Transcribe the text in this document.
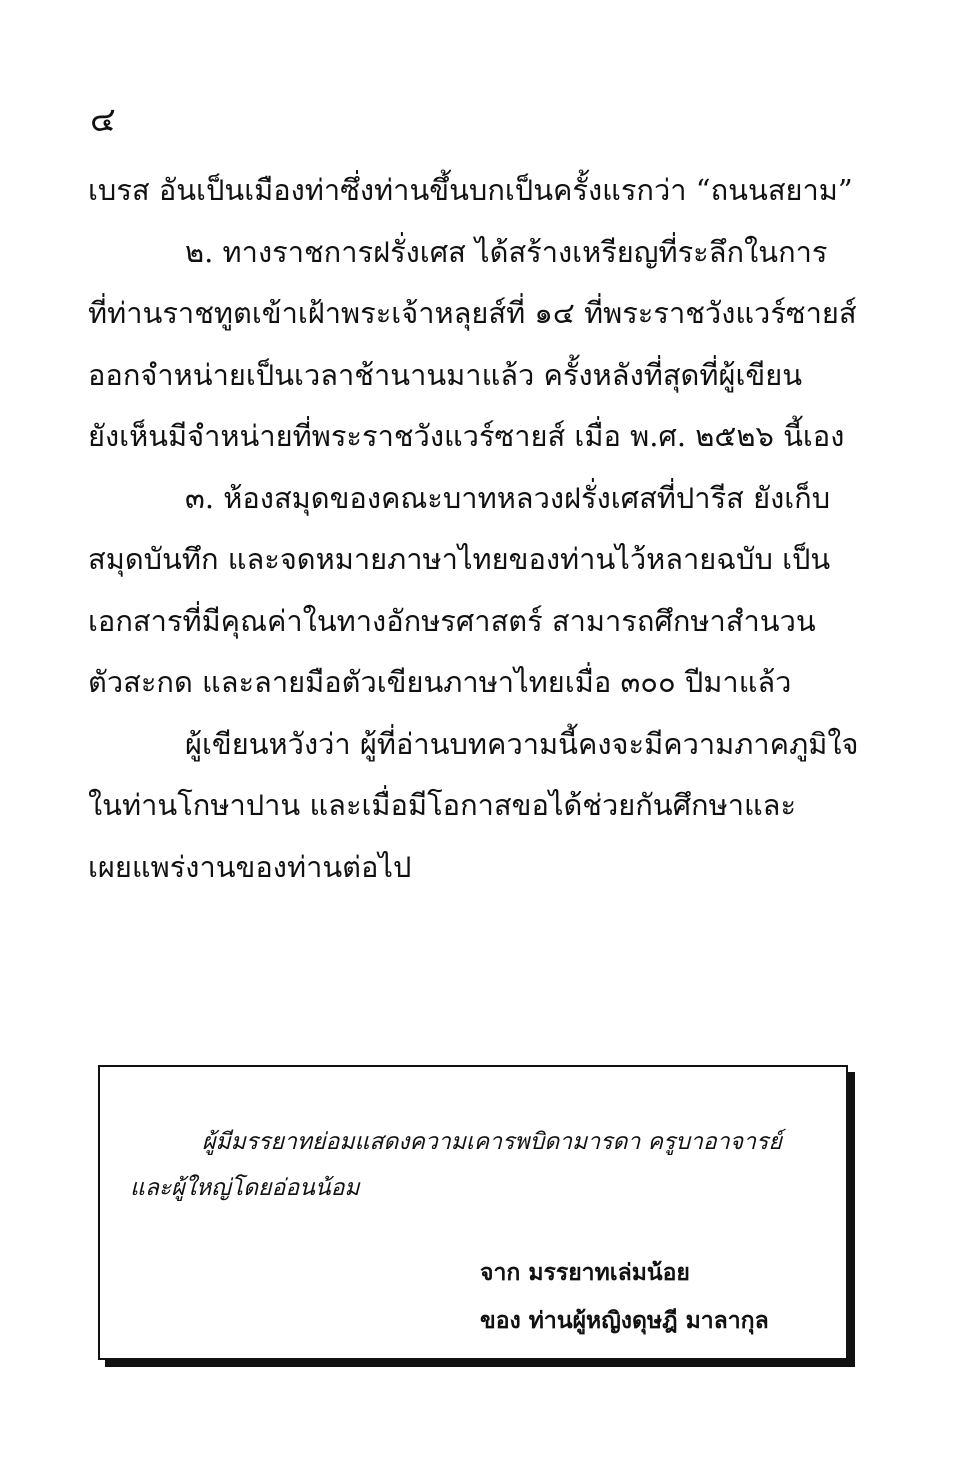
๔
เบรส อันเป็นเมืองท่าซึ่งท่านขึ้นบกเป็นครั้งแรกว่า “ถนนสยาม”
๒. ทางราชการฝรั่งเศส ได้สร้างเหรียญที่ระลึกในการ
ที่ท่านราชทูตเข้าเฝ้าพระเจ้าหลุยส์ที่ ๑๔ ที่พระราชวังแวร์ซายส์
ออกจำหน่ายเป็นเวลาช้านานมาแล้ว ครั้งหลังที่สุดที่ผู้เขียน
ยังเห็นมีจำหน่ายที่พระราชวังแวร์ซายส์ เมื่อ พ.ศ. ๒๕๒๖ นี้เอง
๓. ห้องสมุดของคณะบาทหลวงฝรั่งเศสที่ปารีส ยังเก็บ
สมุดบันทึก และจดหมายภาษาไทยของท่านไว้หลายฉบับ เป็น
เอกสารที่มีคุณค่าในทางอักษรศาสตร์ สามารถศึกษาสำนวน
ตัวสะกด และลายมือตัวเขียนภาษาไทยเมื่อ ๓๐๐ ปีมาแล้ว
ผู้เขียนหวังว่า ผู้ที่อ่านบทความนี้คงจะมีความภาคภูมิใจ
ในท่านโกษาปาน และเมื่อมีโอกาสขอได้ช่วยกันศึกษาและ
เผยแพร่งานของท่านต่อไป
ผู้มีมรรยาทย่อมแสดงความเคารพบิดามารดา ครูบาอาจารย์
และผู้ใหญ่โดยอ่อนน้อม
จาก มรรยาทเล่มน้อย
ของ ท่านผู้หญิงดุษฎี มาลากุล
